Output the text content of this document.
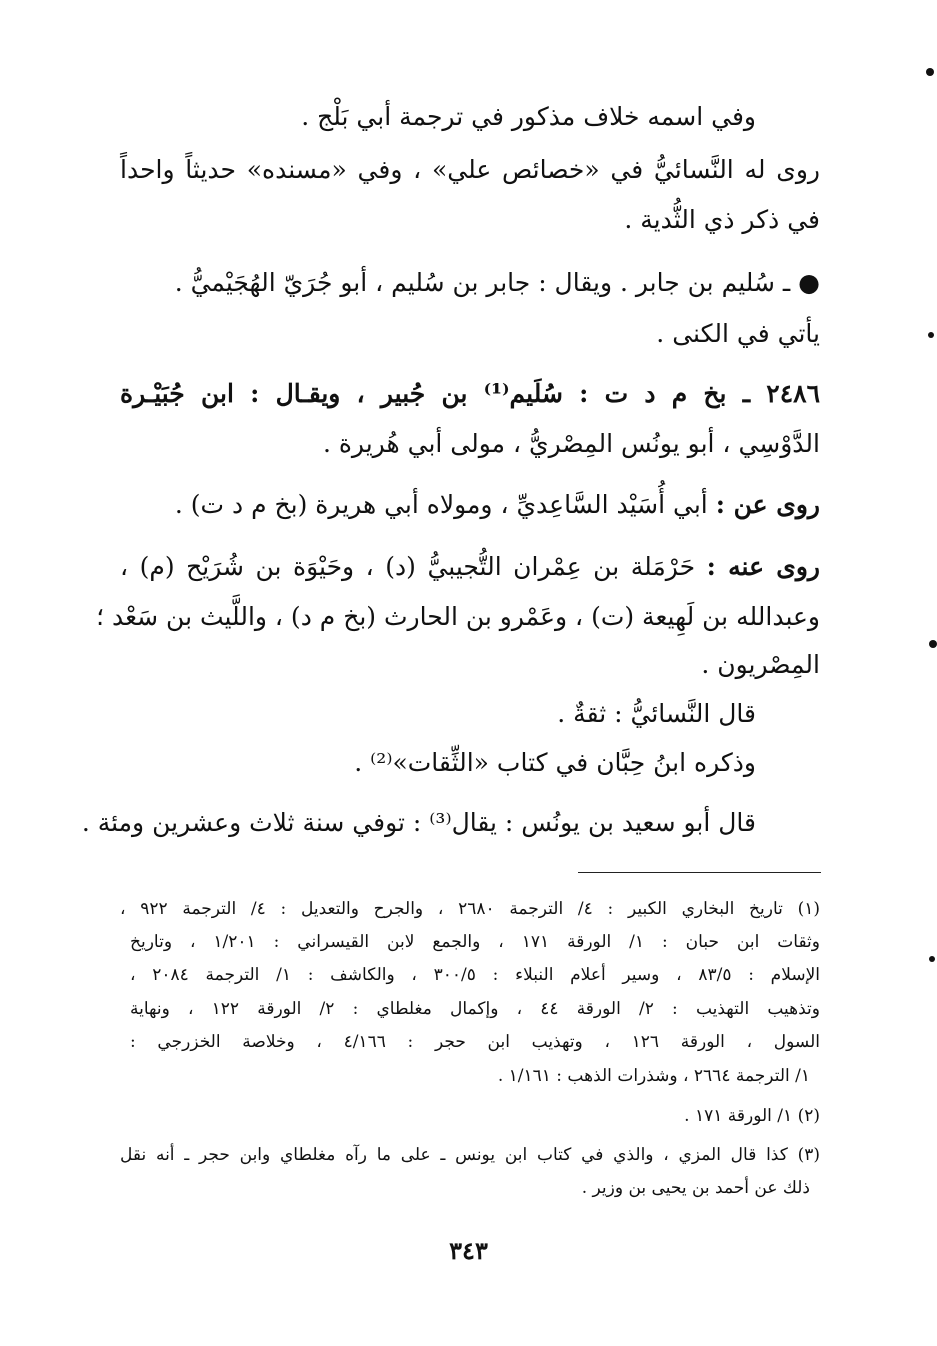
وفي اسمه خلاف مذكور في ترجمة أبي بَلْج .
روى له النَّسائيُّ في «خصائص علي» ، وفي «مسنده» حديثاً واحداً
في ذكر ذي الثُّدية .
● ـ سُليم بن جابر . ويقال : جابر بن سُليم ، أبو جُرَيّ الهُجَيْميُّ .
يأتي في الكنى .
٢٤٨٦ ـ بخ م د ت : سُلَيم⁽¹⁾ بن جُبير ، ويقـال : ابن جُبَيْـرة
الدَّوْسِي ، أبو يونُس المِصْريُّ ، مولى أبي هُريرة .
روى عن : أبي أُسَيْد السَّاعِديِّ ، ومولاه أبي هريرة (بخ م د ت) .
روى عنه : حَرْمَلة بن عِمْران التُّجيبيُّ (د) ، وحَيْوَة بن شُرَيْح (م) ،
وعبدالله بن لَهِيعة (ت) ، وعَمْرو بن الحارث (بخ م د) ، واللَّيث بن سَعْد ؛
المِصْريون .
قال النَّسائيُّ : ثقةٌ .
وذكره ابنُ حِبَّان في كتاب «الثِّقات»⁽²⁾ .
قال أبو سعيد بن يونُس : يقال⁽³⁾ : توفي سنة ثلاث وعشرين ومئة .
(١) تاريخ البخاري الكبير : ٤/ الترجمة ٢٦٨٠ ، والجرح والتعديل : ٤/ الترجمة ٩٢٢ ،
وثقات ابن حبان : ١/ الورقة ١٧١ ، والجمع لابن القيسراني : ١/٢٠١ ، وتاريخ
الإسلام : ٨٣/٥ ، وسير أعلام النبلاء : ٣٠٠/٥ ، والكاشف : ١/ الترجمة ٢٠٨٤ ،
وتذهيب التهذيب : ٢/ الورقة ٤٤ ، وإكمال مغلطاي : ٢/ الورقة ١٢٢ ، ونهاية
السول ، الورقة ١٢٦ ، وتهذيب ابن حجر : ٤/١٦٦ ، وخلاصة الخزرجي :
١/ الترجمة ٢٦٦٤ ، وشذرات الذهب : ١/١٦١ .
(٢) ١/ الورقة ١٧١ .
(٣) كذا قال المزي ، والذي في كتاب ابن يونس ـ على ما رآه مغلطاي وابن حجر ـ أنه نقل
ذلك عن أحمد بن يحيى بن وزير .
٣٤٣
